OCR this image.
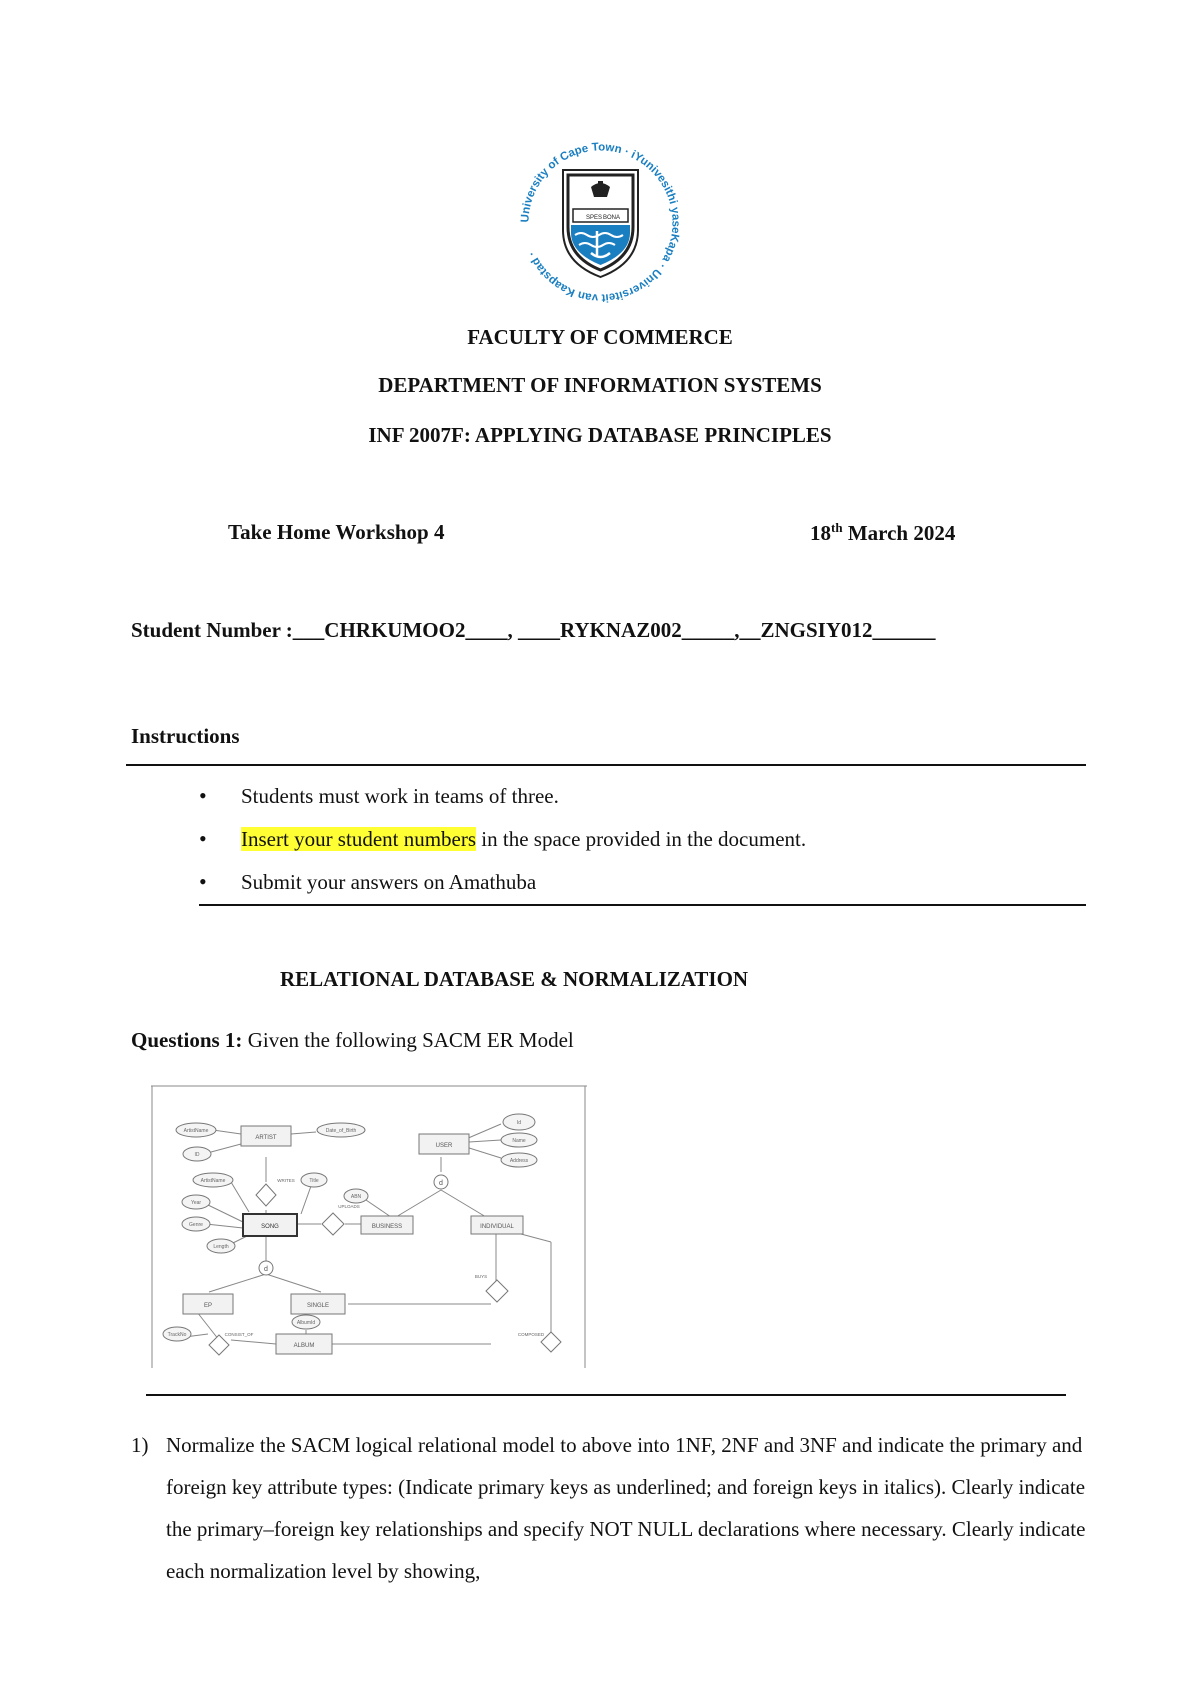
University of Cape Town · iYunivesithi yaseKapa · Universiteit van Kaapstad ·
SPES BONA
FACULTY OF COMMERCE
DEPARTMENT OF INFORMATION SYSTEMS
INF 2007F: APPLYING DATABASE PRINCIPLES
Take Home Workshop 4	18th March 2024
Student Number :___CHRKUMOO2____, ____RYKNAZ002_____,__ZNGSIY012______
Instructions
• Students must work in teams of three.
• Insert your student numbers in the space provided in the document.
• Submit your answers on Amathuba
RELATIONAL DATABASE & NORMALIZATION
Questions 1: Given the following SACM ER Model
ARTIST
USER
SONG	BUSINESS	INDIVIDUAL
EP	SINGLE
ALBUM
ArtistName	Date_of_Birth
Id
ID
Name
Address
ArtistName	Title
Year
Genre
Length
ABN
TrackNo
AlbumId
WRITES
UPLOADS
BUYS
CONSIST_OF	COMPOSED
d
d
1) Normalize the SACM logical relational model to above into 1NF, 2NF and 3NF and indicate the primary and foreign key attribute types: (Indicate primary keys as underlined; and foreign keys in italics). Clearly indicate the primary–foreign key relationships and specify NOT NULL declarations where necessary. Clearly indicate each normalization level by showing,
